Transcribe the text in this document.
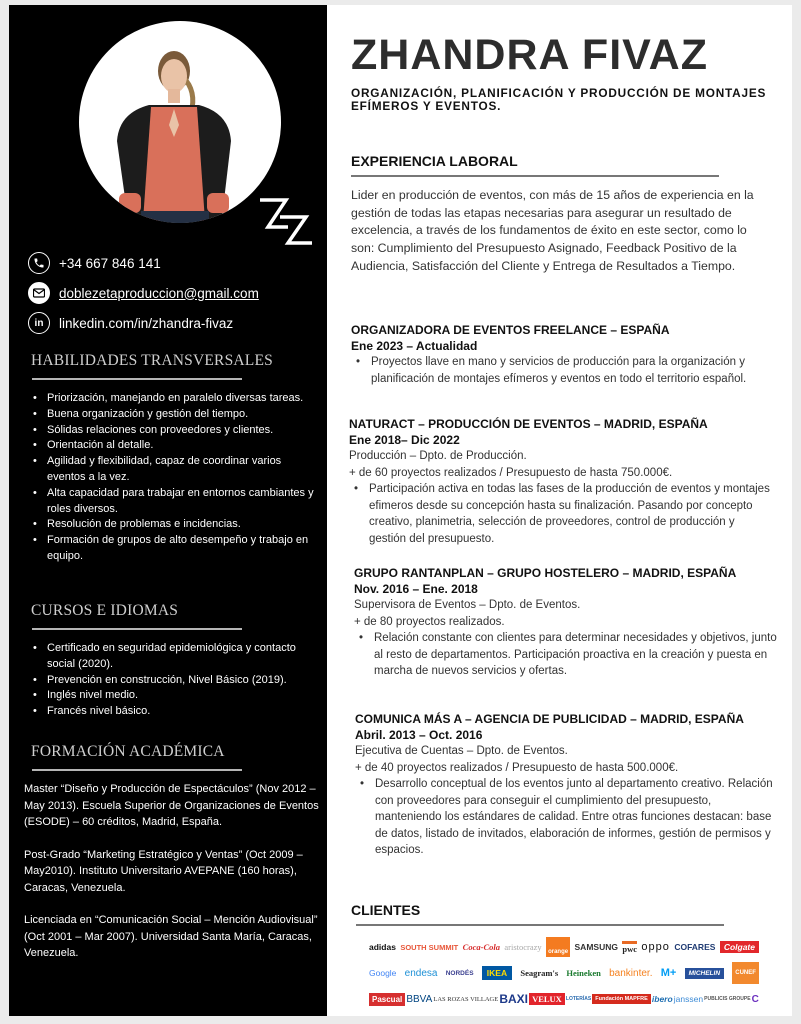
+34 667 846 141
doblezetaproduccion@gmail.com
in	linkedin.com/in/zhandra-fivaz
HABILIDADES TRANSVERSALES
• Priorización, manejando en paralelo diversas tareas.
• Buena organización y gestión del tiempo.
• Sólidas relaciones con proveedores y clientes.
• Orientación al detalle.
• Agilidad y flexibilidad, capaz de coordinar varios eventos a la vez.
• Alta capacidad para trabajar en entornos cambiantes y roles diversos.
• Resolución de problemas e incidencias.
• Formación de grupos de alto desempeño y trabajo en equipo.
CURSOS E IDIOMAS
• Certificado en seguridad epidemiológica y contacto social (2020).
• Prevención en construcción, Nivel Básico (2019).
• Inglés nivel medio.
• Francés nivel básico.
FORMACIÓN ACADÉMICA

Master “Diseño y Producción de Espectáculos” (Nov 2012 – May 2013). Escuela Superior de Organizaciones de Eventos (ESODE) – 60 créditos, Madrid, España.

Post-Grado “Marketing Estratégico y Ventas” (Oct 2009 – May2010). Instituto Universitario AVEPANE (160 horas), Caracas, Venezuela.

Licenciada en “Comunicación Social – Mención Audiovisual” (Oct 2001 – Mar 2007). Universidad Santa María, Caracas, Venezuela.

ZHANDRA FIVAZ
ORGANIZACIÓN, PLANIFICACIÓN Y PRODUCCIÓN DE MONTAJES EFÍMEROS Y EVENTOS.
EXPERIENCIA LABORAL

Lider en producción de eventos, con más de 15 años de experiencia en la gestión de todas las etapas necesarias para asegurar un resultado de excelencia, a través de los fundamentos de éxito en este sector, como lo son: Cumplimiento del Presupuesto Asignado, Feedback Positivo de la Audiencia, Satisfacción del Cliente y Entrega de Resultados a Tiempo.

ORGANIZADORA DE EVENTOS FREELANCE – ESPAÑA
Ene 2023 – Actualidad
• Proyectos llave en mano y servicios de producción para la organización y planificación de montajes efímeros y eventos en todo el territorio español.
NATURACT – PRODUCCIÓN DE EVENTOS – MADRID, ESPAÑA
Ene 2018– Dic 2022
Producción – Dpto. de Producción.
+ de 60 proyectos realizados / Presupuesto de hasta 750.000€.
• Participación activa en todas las fases de la producción de eventos y montajes efimeros desde su concepción hasta su finalización. Pasando por concepto creativo, planimetria, selección de proveedores, control de producción y gestión del presupuesto.
GRUPO RANTANPLAN – GRUPO HOSTELERO – MADRID, ESPAÑA
Nov. 2016 – Ene. 2018
Supervisora de Eventos – Dpto. de Eventos.
+ de 80 proyectos realizados.
• Relación constante con clientes para determinar necesidades y objetivos, junto al resto de departamentos. Participación proactiva en la creación y puesta en marcha de nuevos servicios y ofertas.
COMUNICA MÁS A – AGENCIA DE PUBLICIDAD – MADRID, ESPAÑA
Abril. 2013 – Oct. 2016
Ejecutiva de Cuentas – Dpto. de Eventos.
+ de 40 proyectos realizados / Presupuesto de hasta 500.000€.
• Desarrollo conceptual de los eventos junto al departamento creativo. Relación con proveedores para conseguir el cumplimiento del presupuesto, manteniendo los estándares de calidad. Entre otras funciones destacan: base de datos, listado de invitados, elaboración de informes, gestión de permisos y espacios.
CLIENTES
adidas SOUTH SUMMIT Coca-Cola aristocrazy	orange SAMSUNG pwc oppo COFARES Colgate
Google endesa NORDÉS	IKEA	Seagram's Heineken bankinter. M+	MICHELIN	CUNEF
Pascual BBVA LAS ROZAS VILLAGE BAXI VELUX LOTERÍAS Fundación MAPFRE ibero janssen PUBLICIS GROUPE C
